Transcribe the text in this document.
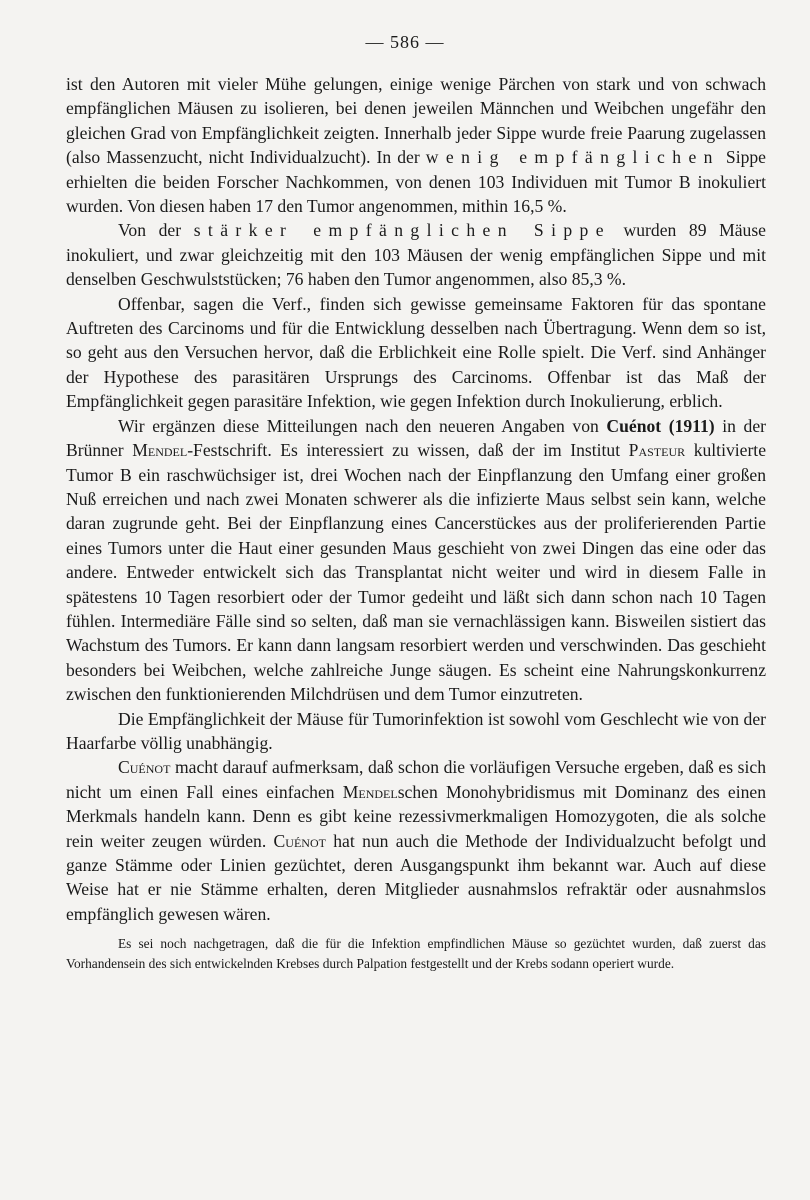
— 586 —

ist den Autoren mit vieler Mühe gelungen, einige wenige Pärchen von stark und von schwach empfänglichen Mäusen zu isolieren, bei denen jeweilen Männchen und Weibchen ungefähr den gleichen Grad von Empfänglichkeit zeigten. Innerhalb jeder Sippe wurde freie Paarung zugelassen (also Massenzucht, nicht Individualzucht). In der wenig empfänglichen Sippe erhielten die beiden Forscher Nachkommen, von denen 103 Individuen mit Tumor B inokuliert wurden. Von diesen haben 17 den Tumor angenommen, mithin 16,5 %.

Von der stärker empfänglichen Sippe wurden 89 Mäuse inokuliert, und zwar gleichzeitig mit den 103 Mäusen der wenig empfänglichen Sippe und mit denselben Geschwulststücken; 76 haben den Tumor angenommen, also 85,3 %.

Offenbar, sagen die Verf., finden sich gewisse gemeinsame Faktoren für das spontane Auftreten des Carcinoms und für die Entwicklung desselben nach Übertragung. Wenn dem so ist, so geht aus den Versuchen hervor, daß die Erblichkeit eine Rolle spielt. Die Verf. sind Anhänger der Hypothese des parasitären Ursprungs des Carcinoms. Offenbar ist das Maß der Empfänglichkeit gegen parasitäre Infektion, wie gegen Infektion durch Inokulierung, erblich.

Wir ergänzen diese Mitteilungen nach den neueren Angaben von Cuénot (1911) in der Brünner Mendel-Festschrift. Es interessiert zu wissen, daß der im Institut Pasteur kultivierte Tumor B ein raschwüchsiger ist, drei Wochen nach der Einpflanzung den Umfang einer großen Nuß erreichen und nach zwei Monaten schwerer als die infizierte Maus selbst sein kann, welche daran zugrunde geht. Bei der Einpflanzung eines Cancerstückes aus der proliferierenden Partie eines Tumors unter die Haut einer gesunden Maus geschieht von zwei Dingen das eine oder das andere. Entweder entwickelt sich das Transplantat nicht weiter und wird in diesem Falle in spätestens 10 Tagen resorbiert oder der Tumor gedeiht und läßt sich dann schon nach 10 Tagen fühlen. Intermediäre Fälle sind so selten, daß man sie vernachlässigen kann. Bisweilen sistiert das Wachstum des Tumors. Er kann dann langsam resorbiert werden und verschwinden. Das geschieht besonders bei Weibchen, welche zahlreiche Junge säugen. Es scheint eine Nahrungskonkurrenz zwischen den funktionierenden Milchdrüsen und dem Tumor einzutreten.

Die Empfänglichkeit der Mäuse für Tumorinfektion ist sowohl vom Geschlecht wie von der Haarfarbe völlig unabhängig.

Cuénot macht darauf aufmerksam, daß schon die vorläufigen Versuche ergeben, daß es sich nicht um einen Fall eines einfachen Mendelschen Monohybridismus mit Dominanz des einen Merkmals handeln kann. Denn es gibt keine rezessivmerkmaligen Homozygoten, die als solche rein weiter zeugen würden. Cuénot hat nun auch die Methode der Individualzucht befolgt und ganze Stämme oder Linien gezüchtet, deren Ausgangspunkt ihm bekannt war. Auch auf diese Weise hat er nie Stämme erhalten, deren Mitglieder ausnahmslos refraktär oder ausnahmslos empfänglich gewesen wären.

Es sei noch nachgetragen, daß die für die Infektion empfindlichen Mäuse so gezüchtet wurden, daß zuerst das Vorhandensein des sich entwickelnden Krebses durch Palpation festgestellt und der Krebs sodann operiert wurde.
